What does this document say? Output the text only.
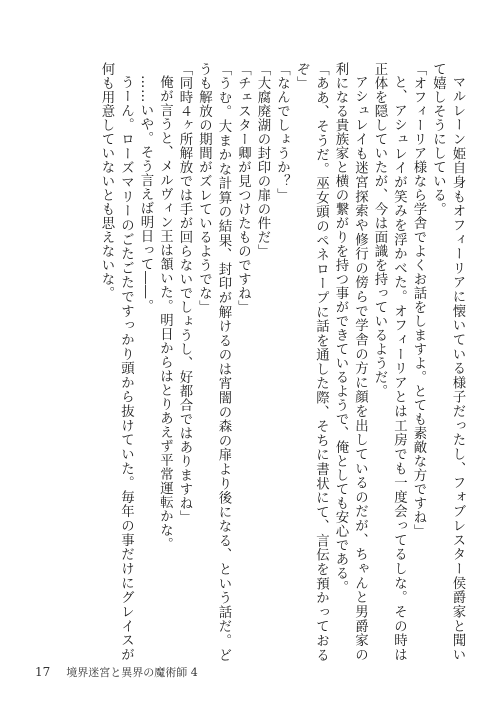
マルレーン姫自身もオフィーリアに懐いている様子だったし、フォブレスター侯爵家と聞いて嬉しそうにしている。

「オフィーリア様なら学舎でよくお話をしますよ。とても素敵な方ですね」

と、アシュレイが笑みを浮かべた。オフィーリアとは工房でも一度会ってるしな。その時は正体を隠していたが、今は面識を持っているようだ。

アシュレイも迷宮探索や修行の傍らで学舎の方に顔を出しているのだが、ちゃんと男爵家の利になる貴族家と横の繋がりを持つ事ができているようで、俺としても安心である。

「ああ、そうだ。巫女頭のペネロープに話を通した際、そちに書状にて、言伝を預かっておるぞ」

「なんでしょうか？」

「大腐廃湖の封印の扉の件だ」

「チェスター卿が見つけたものですね」

「うむ。大まかな計算の結果、封印が解けるのは宵闇の森の扉より後になる、という話だ。どうも解放の期間がズレているようでな」

「同時４ヶ所解放では手が回らないでしょうし、好都合ではありますね」

俺が言うと、メルヴィン王は頷いた。明日からはとりあえず平常運転かな。

……いや。そう言えば明日って――。

うーん。ローズマリーのごたごたですっかり頭から抜けていた。毎年の事だけにグレイスが何も用意していないとも思えないな。

17 境界迷宮と異界の魔術師 4
